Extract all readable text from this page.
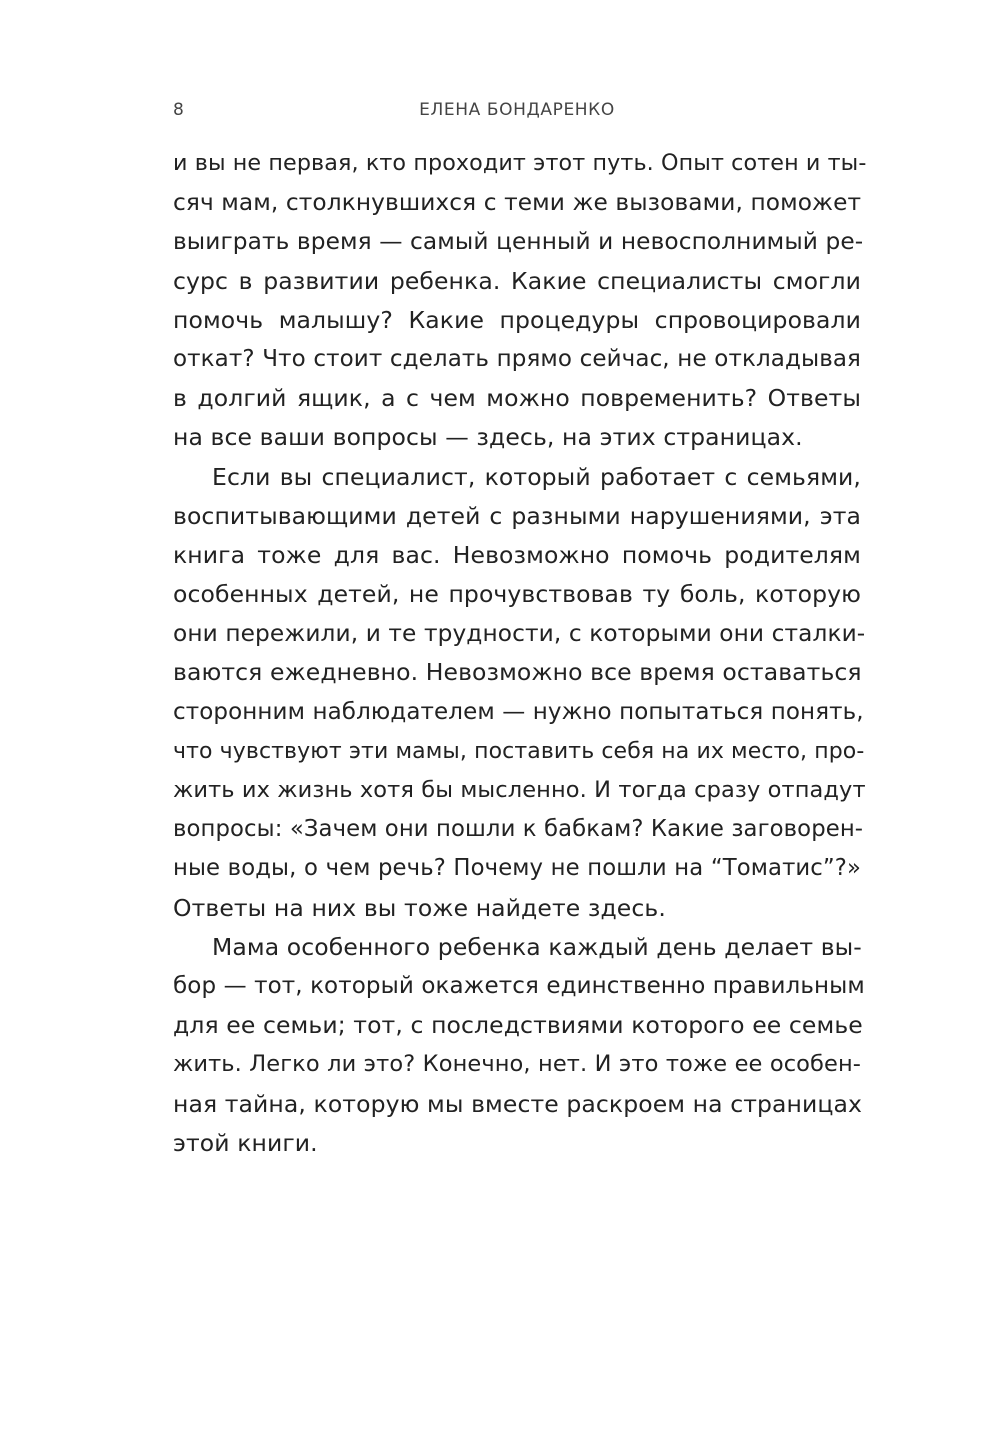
8	ЕЛЕНА БОНДАРЕНКО
и вы не первая, кто проходит этот путь. Опыт сотен и ты-
сяч мам, столкнувшихся с теми же вызовами, поможет
выиграть время — самый ценный и невосполнимый ре-
сурс в развитии ребенка. Какие специалисты смогли
помочь малышу? Какие процедуры спровоцировали
откат? Что стоит сделать прямо сейчас, не откладывая
в долгий ящик, а с чем можно повременить? Ответы
на все ваши вопросы — здесь, на этих страницах.
Если вы специалист, который работает с семьями,
воспитывающими детей с разными нарушениями, эта
книга тоже для вас. Невозможно помочь родителям
особенных детей, не прочувствовав ту боль, которую
они пережили, и те трудности, с которыми они сталки-
ваются ежедневно. Невозможно все время оставаться
сторонним наблюдателем — нужно попытаться понять,
что чувствуют эти мамы, поставить себя на их место, про-
жить их жизнь хотя бы мысленно. И тогда сразу отпадут
вопросы: «Зачем они пошли к бабкам? Какие заговорен-
ные воды, о чем речь? Почему не пошли на “Томатис”?»
Ответы на них вы тоже найдете здесь.
Мама особенного ребенка каждый день делает вы-
бор — тот, который окажется единственно правильным
для ее семьи; тот, с последствиями которого ее семье
жить. Легко ли это? Конечно, нет. И это тоже ее особен-
ная тайна, которую мы вместе раскроем на страницах
этой книги.
